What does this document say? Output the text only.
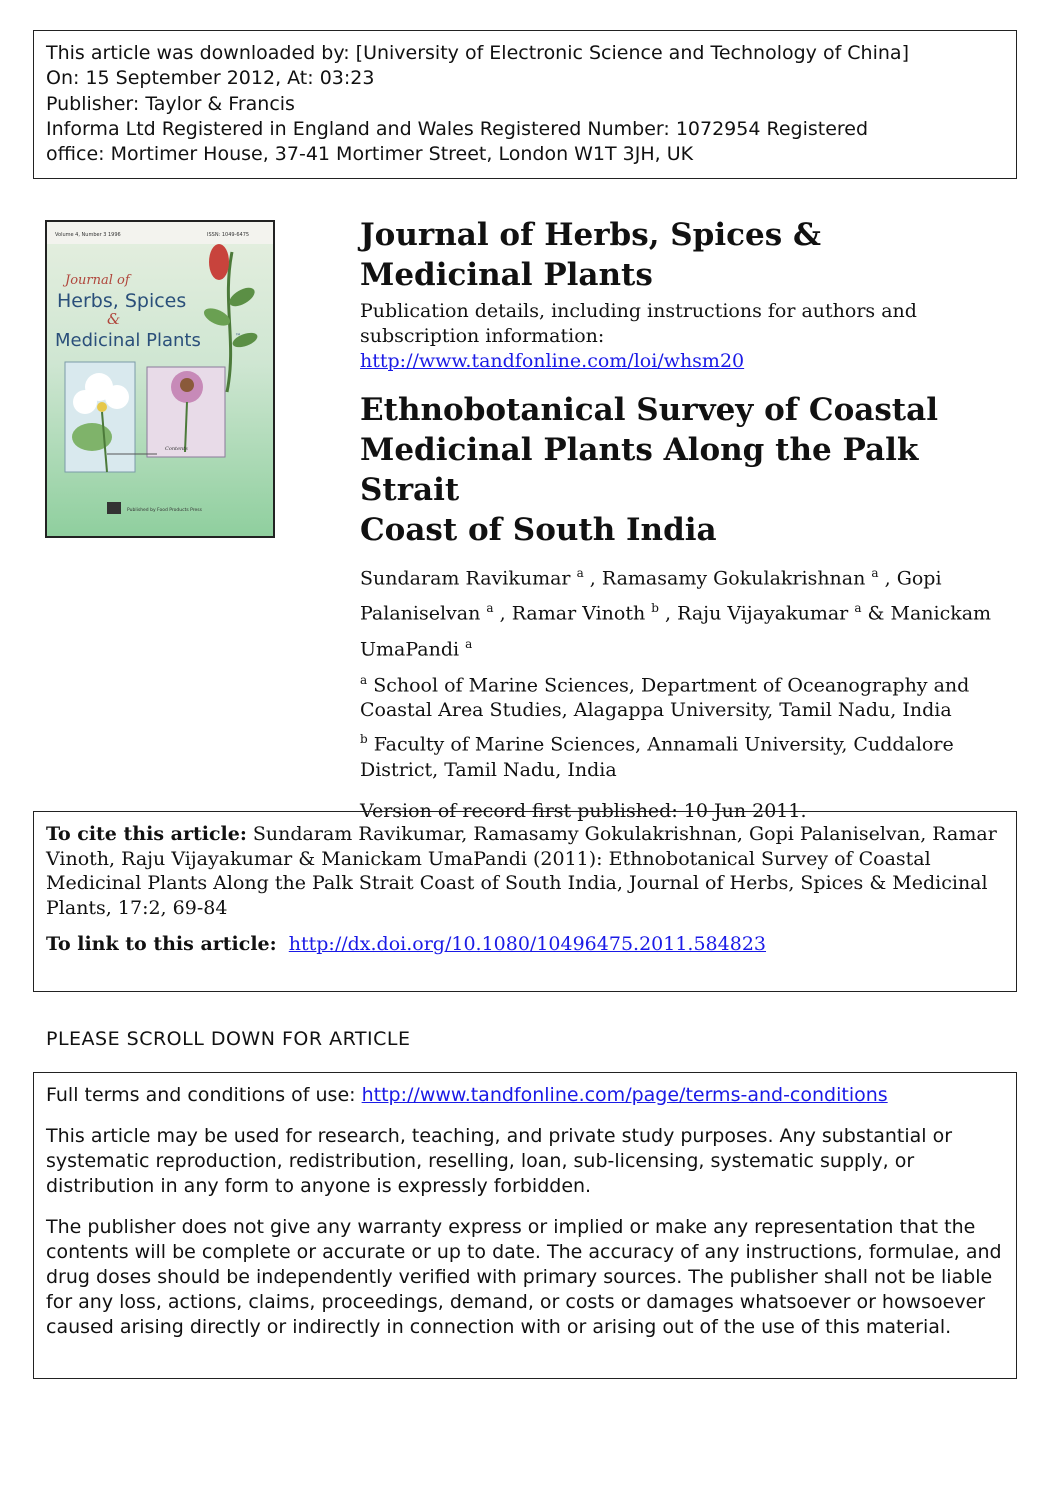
This article was downloaded by: [University of Electronic Science and Technology of China]
On: 15 September 2012, At: 03:23
Publisher: Taylor & Francis
Informa Ltd Registered in England and Wales Registered Number: 1072954 Registered
office: Mortimer House, 37-41 Mortimer Street, London W1T 3JH, UK
Volume 4, Number 3 1996	ISSN: 1049-6475
Journal of
Herbs, Spices
&
Medicinal Plants	™
Contents
Published by Food Products Press
Journal of Herbs, Spices & Medicinal Plants
Publication details, including instructions for authors and
subscription information:
http://www.tandfonline.com/loi/whsm20
Ethnobotanical Survey of Coastal
Medicinal Plants Along the Palk Strait
Coast of South India
Sundaram Ravikumar $^a$ , Ramasamy Gokulakrishnan $^a$ , Gopi Palaniselvan $^a$ , Ramar Vinoth $^b$ , Raju Vijayakumar $^a$ & Manickam UmaPandi $^a$
$^a$ School of Marine Sciences, Department of Oceanography and
Coastal Area Studies, Alagappa University, Tamil Nadu, India
$^b$ Faculty of Marine Sciences, Annamali University, Cuddalore
District, Tamil Nadu, India
Version of record first published: 10 Jun 2011.
To cite this article: Sundaram Ravikumar, Ramasamy Gokulakrishnan, Gopi Palaniselvan, Ramar Vinoth, Raju Vijayakumar & Manickam UmaPandi (2011): Ethnobotanical Survey of Coastal Medicinal Plants Along the Palk Strait Coast of South India, Journal of Herbs, Spices & Medicinal Plants, 17:2, 69-84
To link to this article: http://dx.doi.org/10.1080/10496475.2011.584823
PLEASE SCROLL DOWN FOR ARTICLE

Full terms and conditions of use: http://www.tandfonline.com/page/terms-and-conditions

This article may be used for research, teaching, and private study purposes. Any substantial or systematic reproduction, redistribution, reselling, loan, sub-licensing, systematic supply, or distribution in any form to anyone is expressly forbidden.

The publisher does not give any warranty express or implied or make any representation that the contents will be complete or accurate or up to date. The accuracy of any instructions, formulae, and drug doses should be independently verified with primary sources. The publisher shall not be liable for any loss, actions, claims, proceedings, demand, or costs or damages whatsoever or howsoever caused arising directly or indirectly in connection with or arising out of the use of this material.
